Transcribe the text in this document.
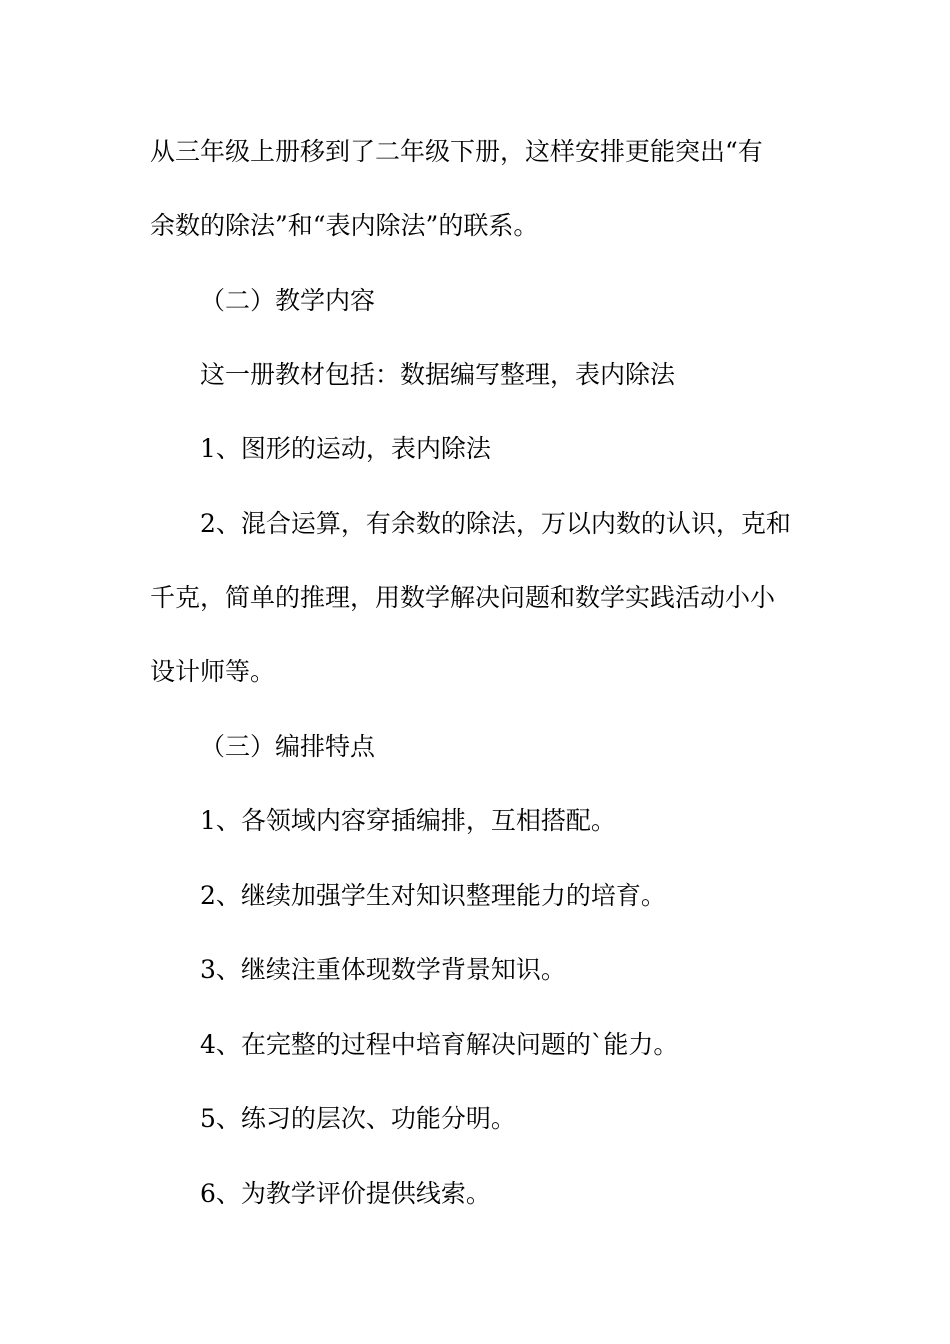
从三年级上册移到了二年级下册，这样安排更能突出“有
余数的除法”和“表内除法”的联系。
（二）教学内容
这一册教材包括：数据编写整理，表内除法
1、图形的运动，表内除法
2、混合运算，有余数的除法，万以内数的认识，克和
千克，简单的推理，用数学解决问题和数学实践活动小小
设计师等。
（三）编排特点
1、各领域内容穿插编排，互相搭配。
2、继续加强学生对知识整理能力的培育。
3、继续注重体现数学背景知识。
4、在完整的过程中培育解决问题的`能力。
5、练习的层次、功能分明。
6、为教学评价提供线索。
